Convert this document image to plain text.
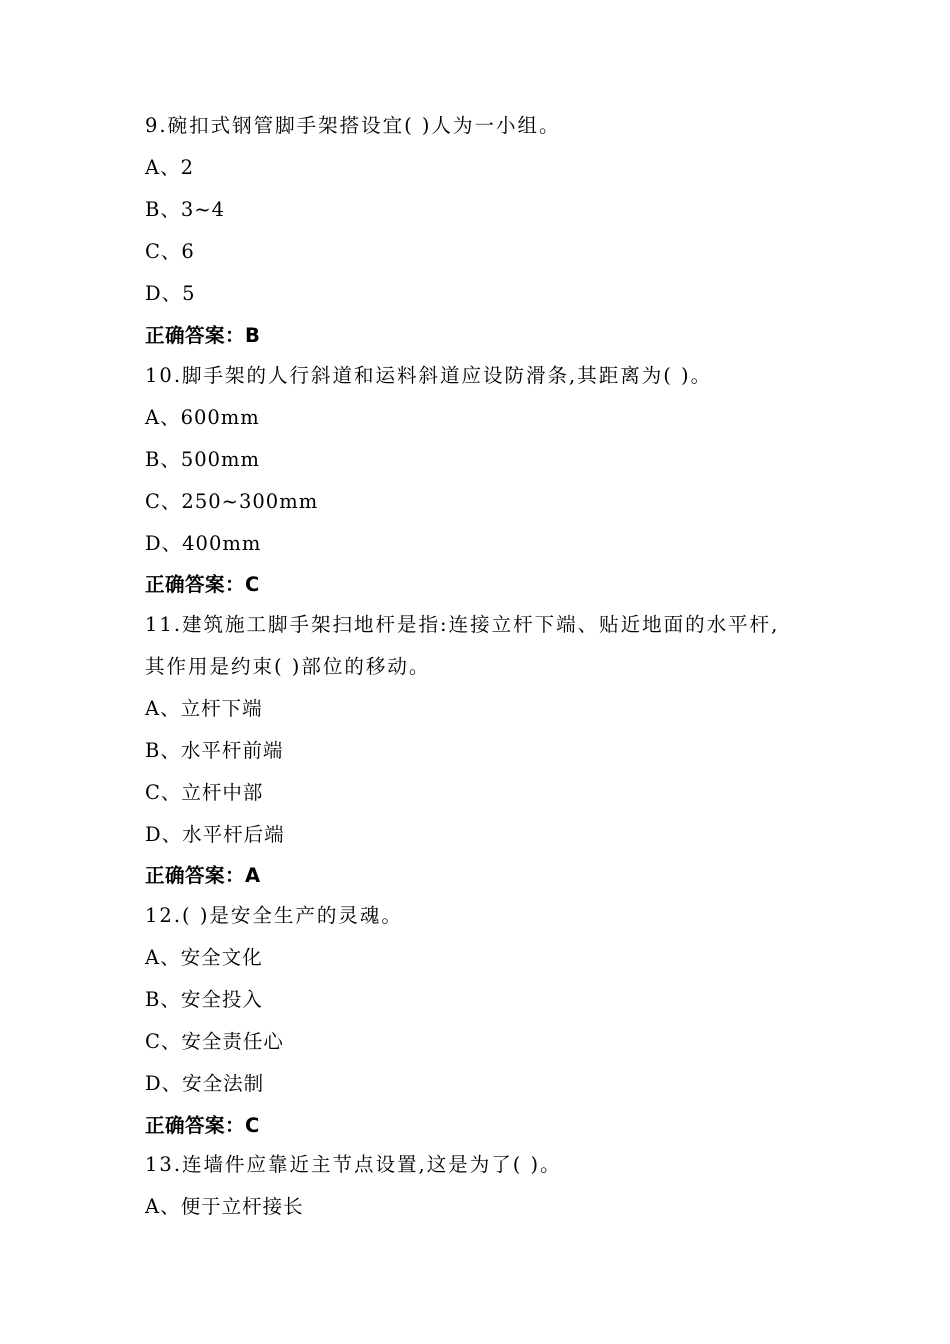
9.碗扣式钢管脚手架搭设宜( )人为一小组。
A、2
B、3~4
C、6
D、5
正确答案：B
10.脚手架的人行斜道和运料斜道应设防滑条,其距离为( )。
A、600mm
B、500mm
C、250~300mm
D、400mm
正确答案：C
11.建筑施工脚手架扫地杆是指:连接立杆下端、贴近地面的水平杆,
其作用是约束( )部位的移动。
A、立杆下端
B、水平杆前端
C、立杆中部
D、水平杆后端
正确答案：A
12.( )是安全生产的灵魂。
A、安全文化
B、安全投入
C、安全责任心
D、安全法制
正确答案：C
13.连墙件应靠近主节点设置,这是为了( )。
A、便于立杆接长
